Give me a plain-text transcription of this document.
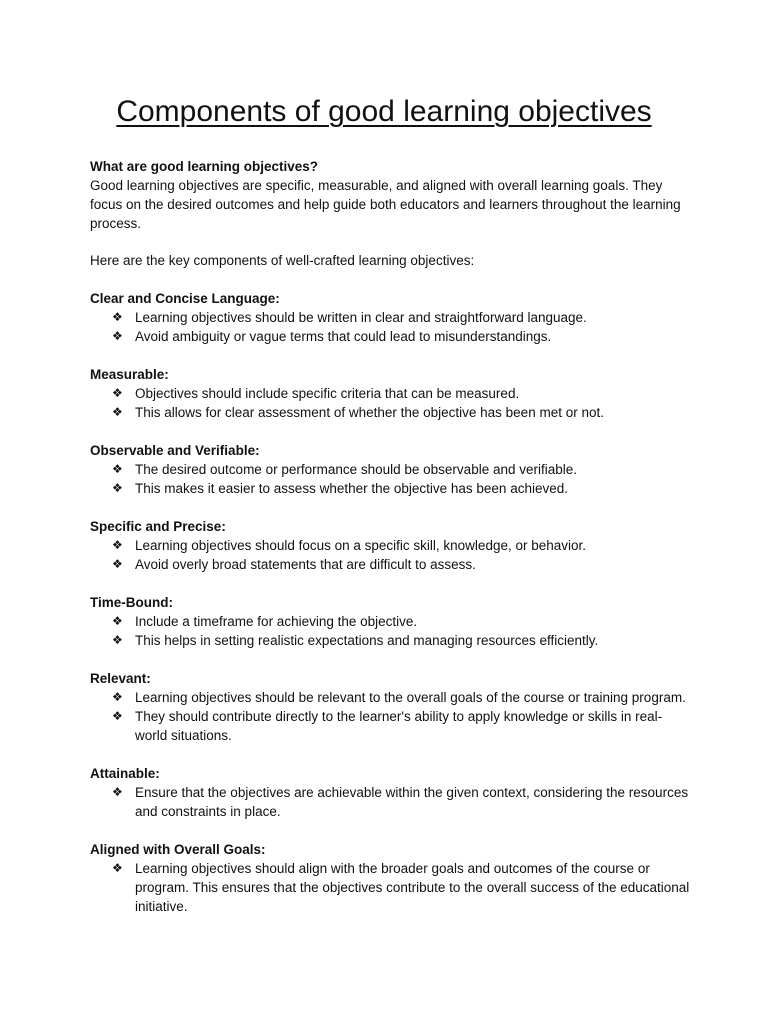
Components of good learning objectives

What are good learning objectives?

Good learning objectives are specific, measurable, and aligned with overall learning goals. They focus on the desired outcomes and help guide both educators and learners throughout the learning process.

Here are the key components of well-crafted learning objectives:

Clear and Concise Language:

❖ Learning objectives should be written in clear and straightforward language.
❖ Avoid ambiguity or vague terms that could lead to misunderstandings.

Measurable:

❖ Objectives should include specific criteria that can be measured.
❖ This allows for clear assessment of whether the objective has been met or not.

Observable and Verifiable:

❖ The desired outcome or performance should be observable and verifiable.
❖ This makes it easier to assess whether the objective has been achieved.

Specific and Precise:

❖ Learning objectives should focus on a specific skill, knowledge, or behavior.
❖ Avoid overly broad statements that are difficult to assess.

Time-Bound:

❖ Include a timeframe for achieving the objective.
❖ This helps in setting realistic expectations and managing resources efficiently.

Relevant:

❖ Learning objectives should be relevant to the overall goals of the course or training program.
❖ They should contribute directly to the learner's ability to apply knowledge or skills in real-world situations.

Attainable:

❖ Ensure that the objectives are achievable within the given context, considering the resources and constraints in place.

Aligned with Overall Goals:

❖ Learning objectives should align with the broader goals and outcomes of the course or program. This ensures that the objectives contribute to the overall success of the educational initiative.
